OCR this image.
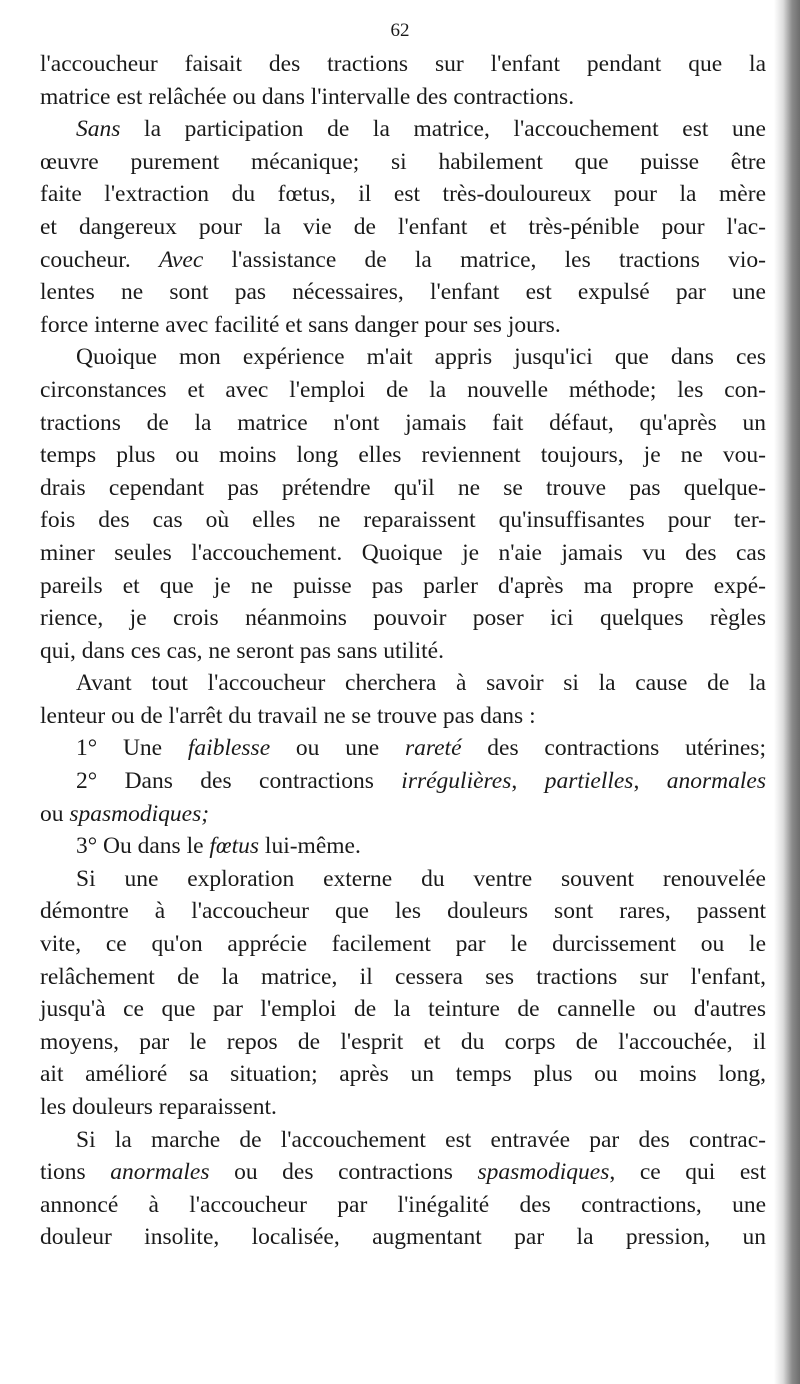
62
l'accoucheur faisait des tractions sur l'enfant pendant que la
matrice est relâchée ou dans l'intervalle des contractions.
Sans la participation de la matrice, l'accouchement est une
œuvre purement mécanique; si habilement que puisse être
faite l'extraction du fœtus, il est très-douloureux pour la mère
et dangereux pour la vie de l'enfant et très-pénible pour l'ac-
coucheur. Avec l'assistance de la matrice, les tractions vio-
lentes ne sont pas nécessaires, l'enfant est expulsé par une
force interne avec facilité et sans danger pour ses jours.
Quoique mon expérience m'ait appris jusqu'ici que dans ces
circonstances et avec l'emploi de la nouvelle méthode; les con-
tractions de la matrice n'ont jamais fait défaut, qu'après un
temps plus ou moins long elles reviennent toujours, je ne vou-
drais cependant pas prétendre qu'il ne se trouve pas quelque-
fois des cas où elles ne reparaissent qu'insuffisantes pour ter-
miner seules l'accouchement. Quoique je n'aie jamais vu des cas
pareils et que je ne puisse pas parler d'après ma propre expé-
rience, je crois néanmoins pouvoir poser ici quelques règles
qui, dans ces cas, ne seront pas sans utilité.
Avant tout l'accoucheur cherchera à savoir si la cause de la
lenteur ou de l'arrêt du travail ne se trouve pas dans :
1° Une faiblesse ou une rareté des contractions utérines;
2° Dans des contractions irrégulières, partielles, anormales
ou spasmodiques;
3° Ou dans le fœtus lui-même.
Si une exploration externe du ventre souvent renouvelée
démontre à l'accoucheur que les douleurs sont rares, passent
vite, ce qu'on apprécie facilement par le durcissement ou le
relâchement de la matrice, il cessera ses tractions sur l'enfant,
jusqu'à ce que par l'emploi de la teinture de cannelle ou d'autres
moyens, par le repos de l'esprit et du corps de l'accouchée, il
ait amélioré sa situation; après un temps plus ou moins long,
les douleurs reparaissent.
Si la marche de l'accouchement est entravée par des contrac-
tions anormales ou des contractions spasmodiques, ce qui est
annoncé à l'accoucheur par l'inégalité des contractions, une
douleur insolite, localisée, augmentant par la pression, un
